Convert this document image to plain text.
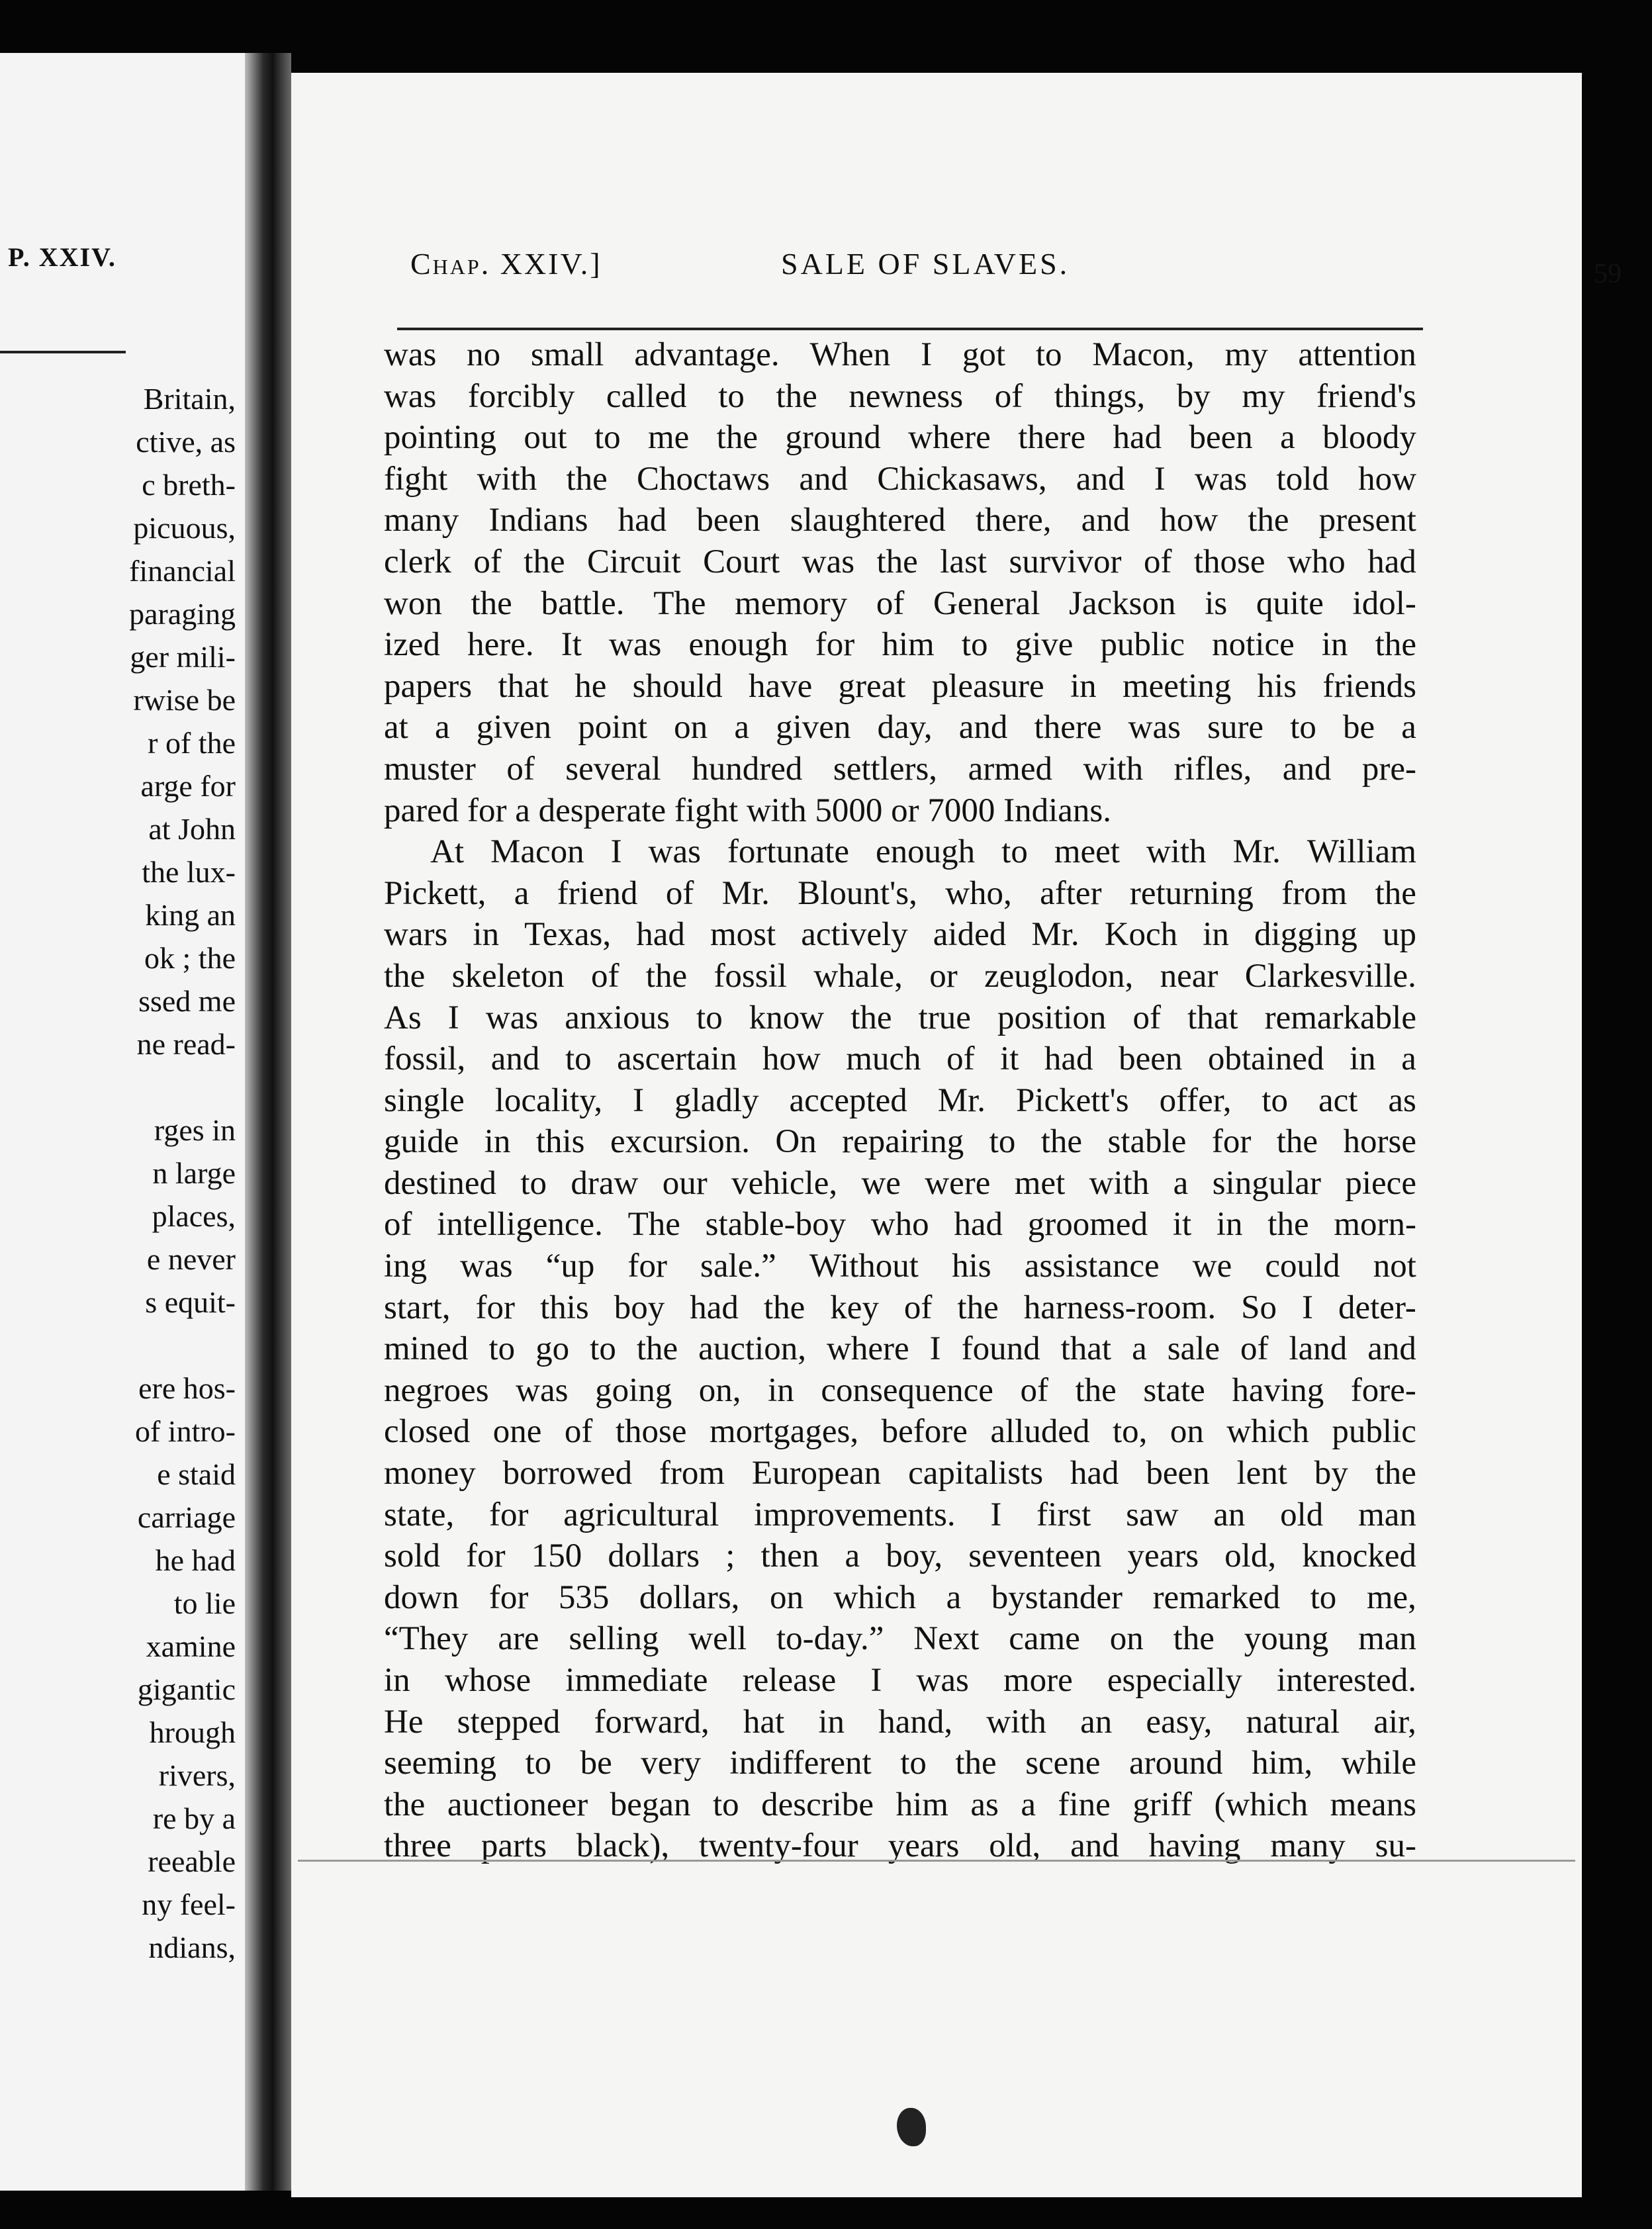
P. XXIV.
Britain,
ctive, as
c breth-
picuous,
financial
paraging
ger mili-
rwise be
r of the
arge for
at John
the lux-
king an
ok ; the
ssed me
ne read-
rges in
n large
places,
e never
s equit-
ere hos-
of intro-
e staid
carriage
he had
to lie
xamine
gigantic
hrough
rivers,
re by a
reeable
ny feel-
ndians,
Chap. XXIV.]	SALE OF SLAVES.	59
was no small advantage. When I got to Macon, my attention
was forcibly called to the newness of things, by my friend's
pointing out to me the ground where there had been a bloody
fight with the Choctaws and Chickasaws, and I was told how
many Indians had been slaughtered there, and how the present
clerk of the Circuit Court was the last survivor of those who had
won the battle. The memory of General Jackson is quite idol-
ized here. It was enough for him to give public notice in the
papers that he should have great pleasure in meeting his friends
at a given point on a given day, and there was sure to be a
muster of several hundred settlers, armed with rifles, and pre-
pared for a desperate fight with 5000 or 7000 Indians.
At Macon I was fortunate enough to meet with Mr. William
Pickett, a friend of Mr. Blount's, who, after returning from the
wars in Texas, had most actively aided Mr. Koch in digging up
the skeleton of the fossil whale, or zeuglodon, near Clarkesville.
As I was anxious to know the true position of that remarkable
fossil, and to ascertain how much of it had been obtained in a
single locality, I gladly accepted Mr. Pickett's offer, to act as
guide in this excursion. On repairing to the stable for the horse
destined to draw our vehicle, we were met with a singular piece
of intelligence. The stable-boy who had groomed it in the morn-
ing was “up for sale.” Without his assistance we could not
start, for this boy had the key of the harness-room. So I deter-
mined to go to the auction, where I found that a sale of land and
negroes was going on, in consequence of the state having fore-
closed one of those mortgages, before alluded to, on which public
money borrowed from European capitalists had been lent by the
state, for agricultural improvements. I first saw an old man
sold for 150 dollars ; then a boy, seventeen years old, knocked
down for 535 dollars, on which a bystander remarked to me,
“They are selling well to-day.” Next came on the young man
in whose immediate release I was more especially interested.
He stepped forward, hat in hand, with an easy, natural air,
seeming to be very indifferent to the scene around him, while
the auctioneer began to describe him as a fine griff (which means
three parts black), twenty-four years old, and having many su-
